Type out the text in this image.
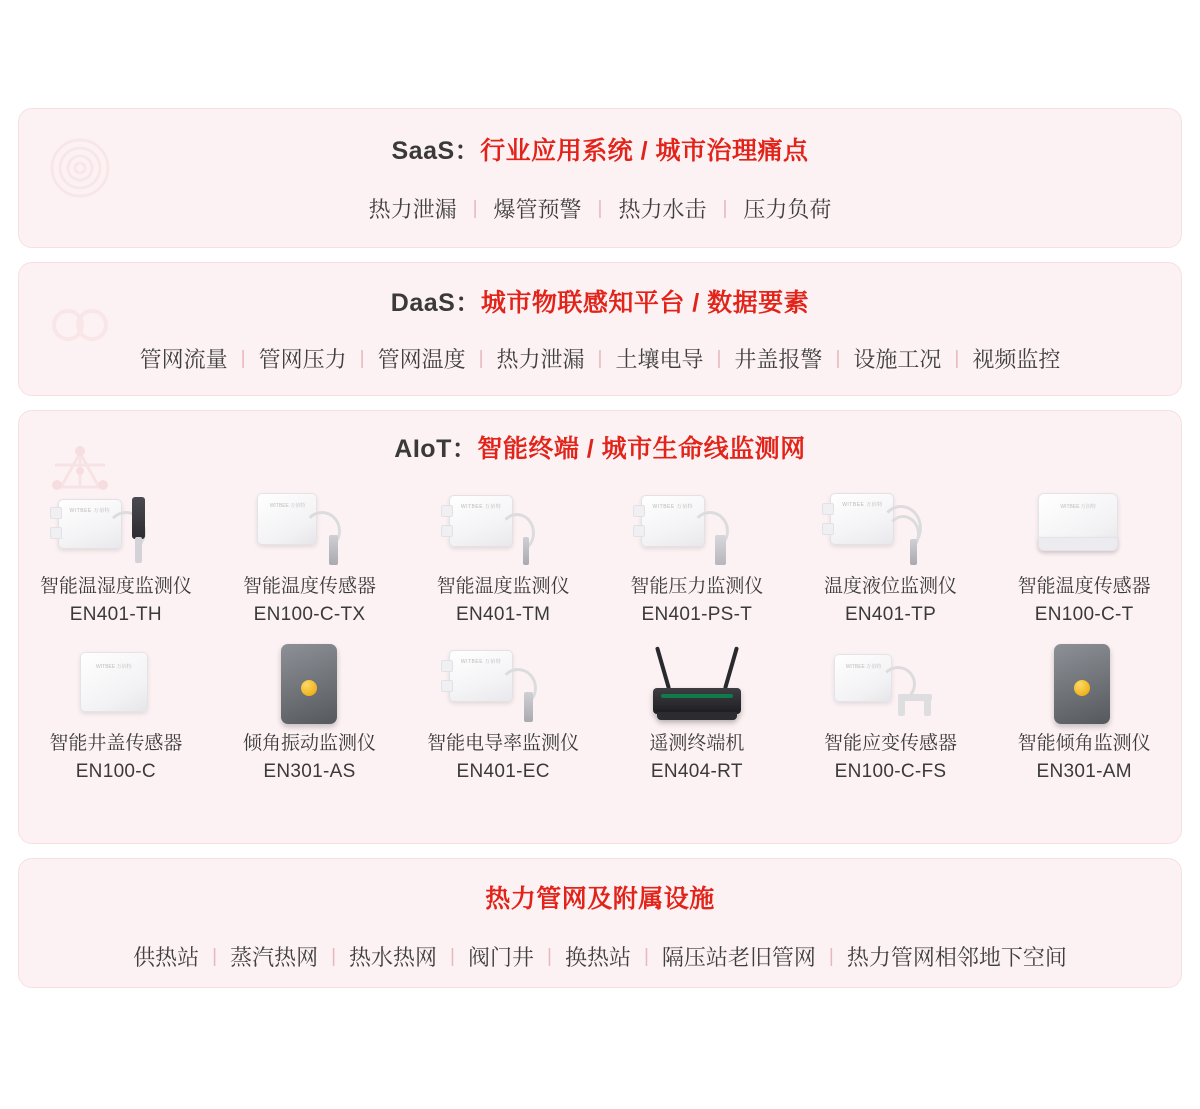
SaaS：行业应用系统 / 城市治理痛点
热力泄漏 | 爆管预警 | 热力水击 | 压力负荷
DaaS：城市物联感知平台 / 数据要素
管网流量 | 管网压力 | 管网温度 | 热力泄漏 | 土壤电导 | 井盖报警 | 设施工况 | 视频监控
AIoT：智能终端 / 城市生命线监测网
WITBEE 万佰特
智能温湿度监测仪
EN401-TH
WITBEE 万佰特
智能温度传感器
EN100-C-TX
WITBEE 万佰特
智能温度监测仪
EN401-TM
WITBEE 万佰特
智能压力监测仪
EN401-PS-T
WITBEE 万佰特
温度液位监测仪
EN401-TP
WITBEE 万佰特
智能温度传感器
EN100-C-T
WITBEE 万佰特
智能井盖传感器
EN100-C
倾角振动监测仪
EN301-AS
WITBEE 万佰特
智能电导率监测仪
EN401-EC
遥测终端机
EN404-RT
WITBEE 万佰特
智能应变传感器
EN100-C-FS
智能倾角监测仪
EN301-AM
热力管网及附属设施
供热站 | 蒸汽热网 | 热水热网 | 阀门井 | 换热站 | 隔压站老旧管网 | 热力管网相邻地下空间
